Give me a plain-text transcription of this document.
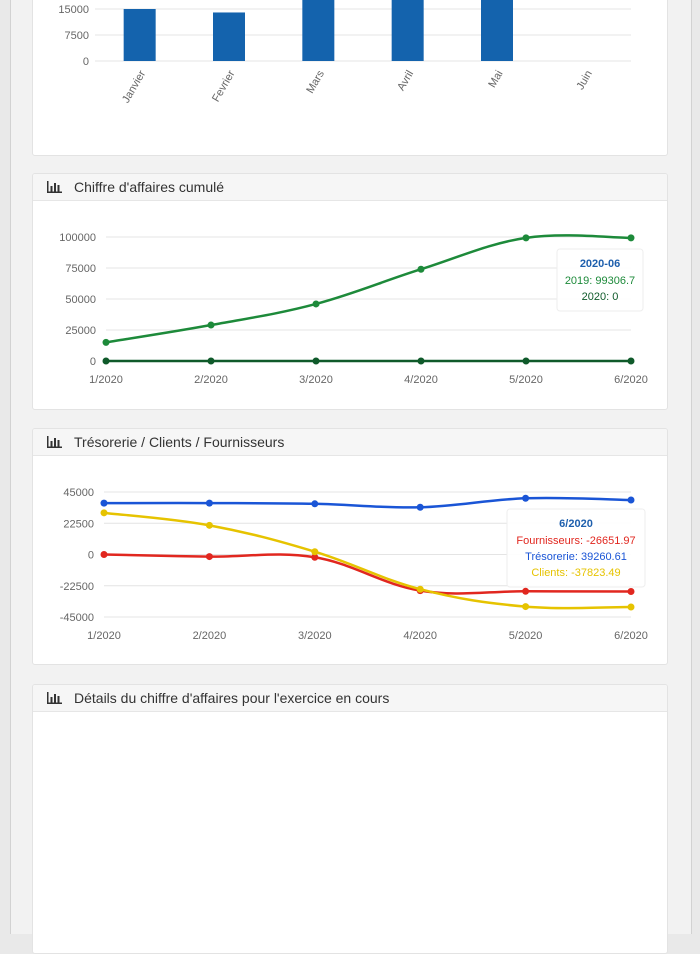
15000
7500
0
Janvier	Fevrier	Mars	Avril	Mai	Juin
Chiffre d'affaires cumulé
100000
75000
50000
25000
0
1/2020	2/2020	3/2020	4/2020	5/2020	6/2020
2020-06
2019: 99306.7
2020: 0
Trésorerie / Clients / Fournisseurs
45000
22500
0
-22500
-45000
1/2020	2/2020	3/2020	4/2020	5/2020	6/2020
6/2020
Fournisseurs: -26651.97
Trésorerie: 39260.61
Clients: -37823.49
Détails du chiffre d'affaires pour l'exercice en cours
